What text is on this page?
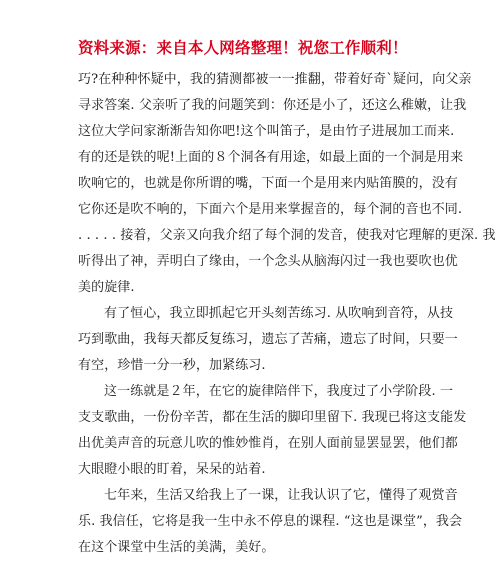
资料来源：来自本人网络整理！祝您工作顺利！
巧?在种种怀疑中，我的猜测都被一一推翻，带着好奇`疑问，向父亲
寻求答案. 父亲听了我的问题笑到：你还是小了，还这么稚嫩，让我
这位大学问家渐渐告知你吧!这个叫笛子，是由竹子进展加工而来.
有的还是铁的呢!上面的８个洞各有用途，如最上面的一个洞是用来
吹响它的，也就是你所谓的嘴，下面一个是用来内贴笛膜的，没有
它你还是吹不响的，下面六个是用来掌握音的，每个洞的音也不同.
. . . . . 接着，父亲又向我介绍了每个洞的发音，使我对它理解的更深. 我
听得出了神，弄明白了缘由，一个念头从脑海闪过一我也要吹也优
美的旋律.
有了恒心，我立即抓起它开头刻苦练习. 从吹响到音符，从技
巧到歌曲，我每天都反复练习，遗忘了苦痛，遗忘了时间，只要一
有空，珍惜一分一秒，加紧练习.
这一练就是２年，在它的旋律陪伴下，我度过了小学阶段. 一
支支歌曲，一份份辛苦，都在生活的脚印里留下. 我现已将这支能发
出优美声音的玩意儿吹的惟妙惟肖，在别人面前显罢显罢，他们都
大眼瞪小眼的盯着，呆呆的站着.
七年来，生活又给我上了一课，让我认识了它，懂得了观赏音
乐. 我信任，它将是我一生中永不停息的课程. “这也是课堂”，我会
在这个课堂中生活的美满，美好。
